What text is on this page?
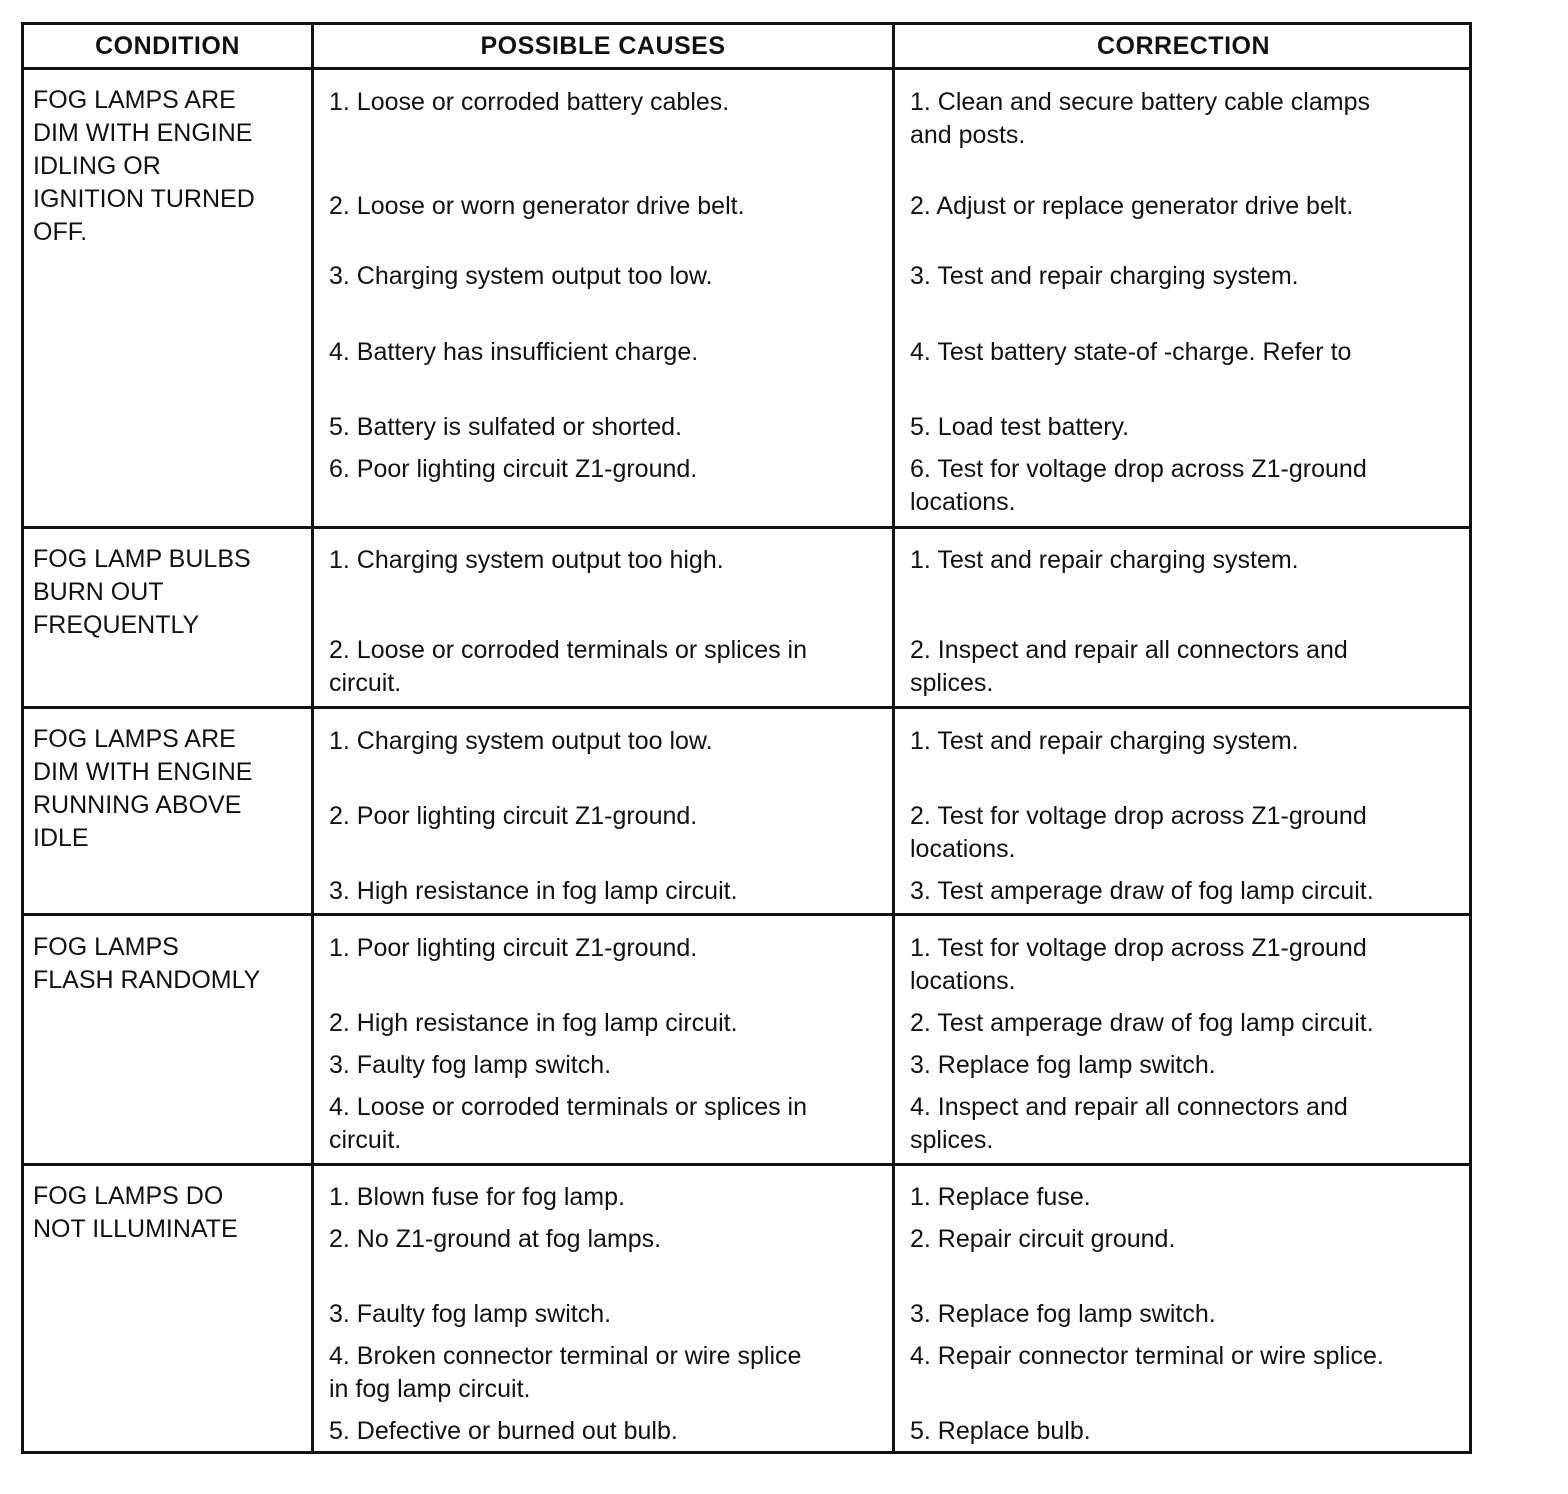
CONDITION	POSSIBLE CAUSES	CORRECTION
FOG LAMPS ARE
DIM WITH ENGINE
IDLING OR
IGNITION TURNED
OFF.
1. Loose or corroded battery cables.
2. Loose or worn generator drive belt.
3. Charging system output too low.
4. Battery has insufficient charge.
5. Battery is sulfated or shorted.
6. Poor lighting circuit Z1-ground.
1. Clean and secure battery cable clamps
and posts.
2. Adjust or replace generator drive belt.
3. Test and repair charging system.
4. Test battery state-of -charge. Refer to
5. Load test battery.
6. Test for voltage drop across Z1-ground
locations.
FOG LAMP BULBS
BURN OUT
FREQUENTLY
1. Charging system output too high.
2. Loose or corroded terminals or splices in
circuit.
1. Test and repair charging system.
2. Inspect and repair all connectors and
splices.
FOG LAMPS ARE
DIM WITH ENGINE
RUNNING ABOVE
IDLE
1. Charging system output too low.
2. Poor lighting circuit Z1-ground.
3. High resistance in fog lamp circuit.
1. Test and repair charging system.
2. Test for voltage drop across Z1-ground
locations.
3. Test amperage draw of fog lamp circuit.
FOG LAMPS
FLASH RANDOMLY
1. Poor lighting circuit Z1-ground.
2. High resistance in fog lamp circuit.
3. Faulty fog lamp switch.
4. Loose or corroded terminals or splices in
circuit.
1. Test for voltage drop across Z1-ground
locations.
2. Test amperage draw of fog lamp circuit.
3. Replace fog lamp switch.
4. Inspect and repair all connectors and
splices.
FOG LAMPS DO
NOT ILLUMINATE
1. Blown fuse for fog lamp.
2. No Z1-ground at fog lamps.
3. Faulty fog lamp switch.
4. Broken connector terminal or wire splice
in fog lamp circuit.
5. Defective or burned out bulb.
1. Replace fuse.
2. Repair circuit ground.
3. Replace fog lamp switch.
4. Repair connector terminal or wire splice.
5. Replace bulb.
